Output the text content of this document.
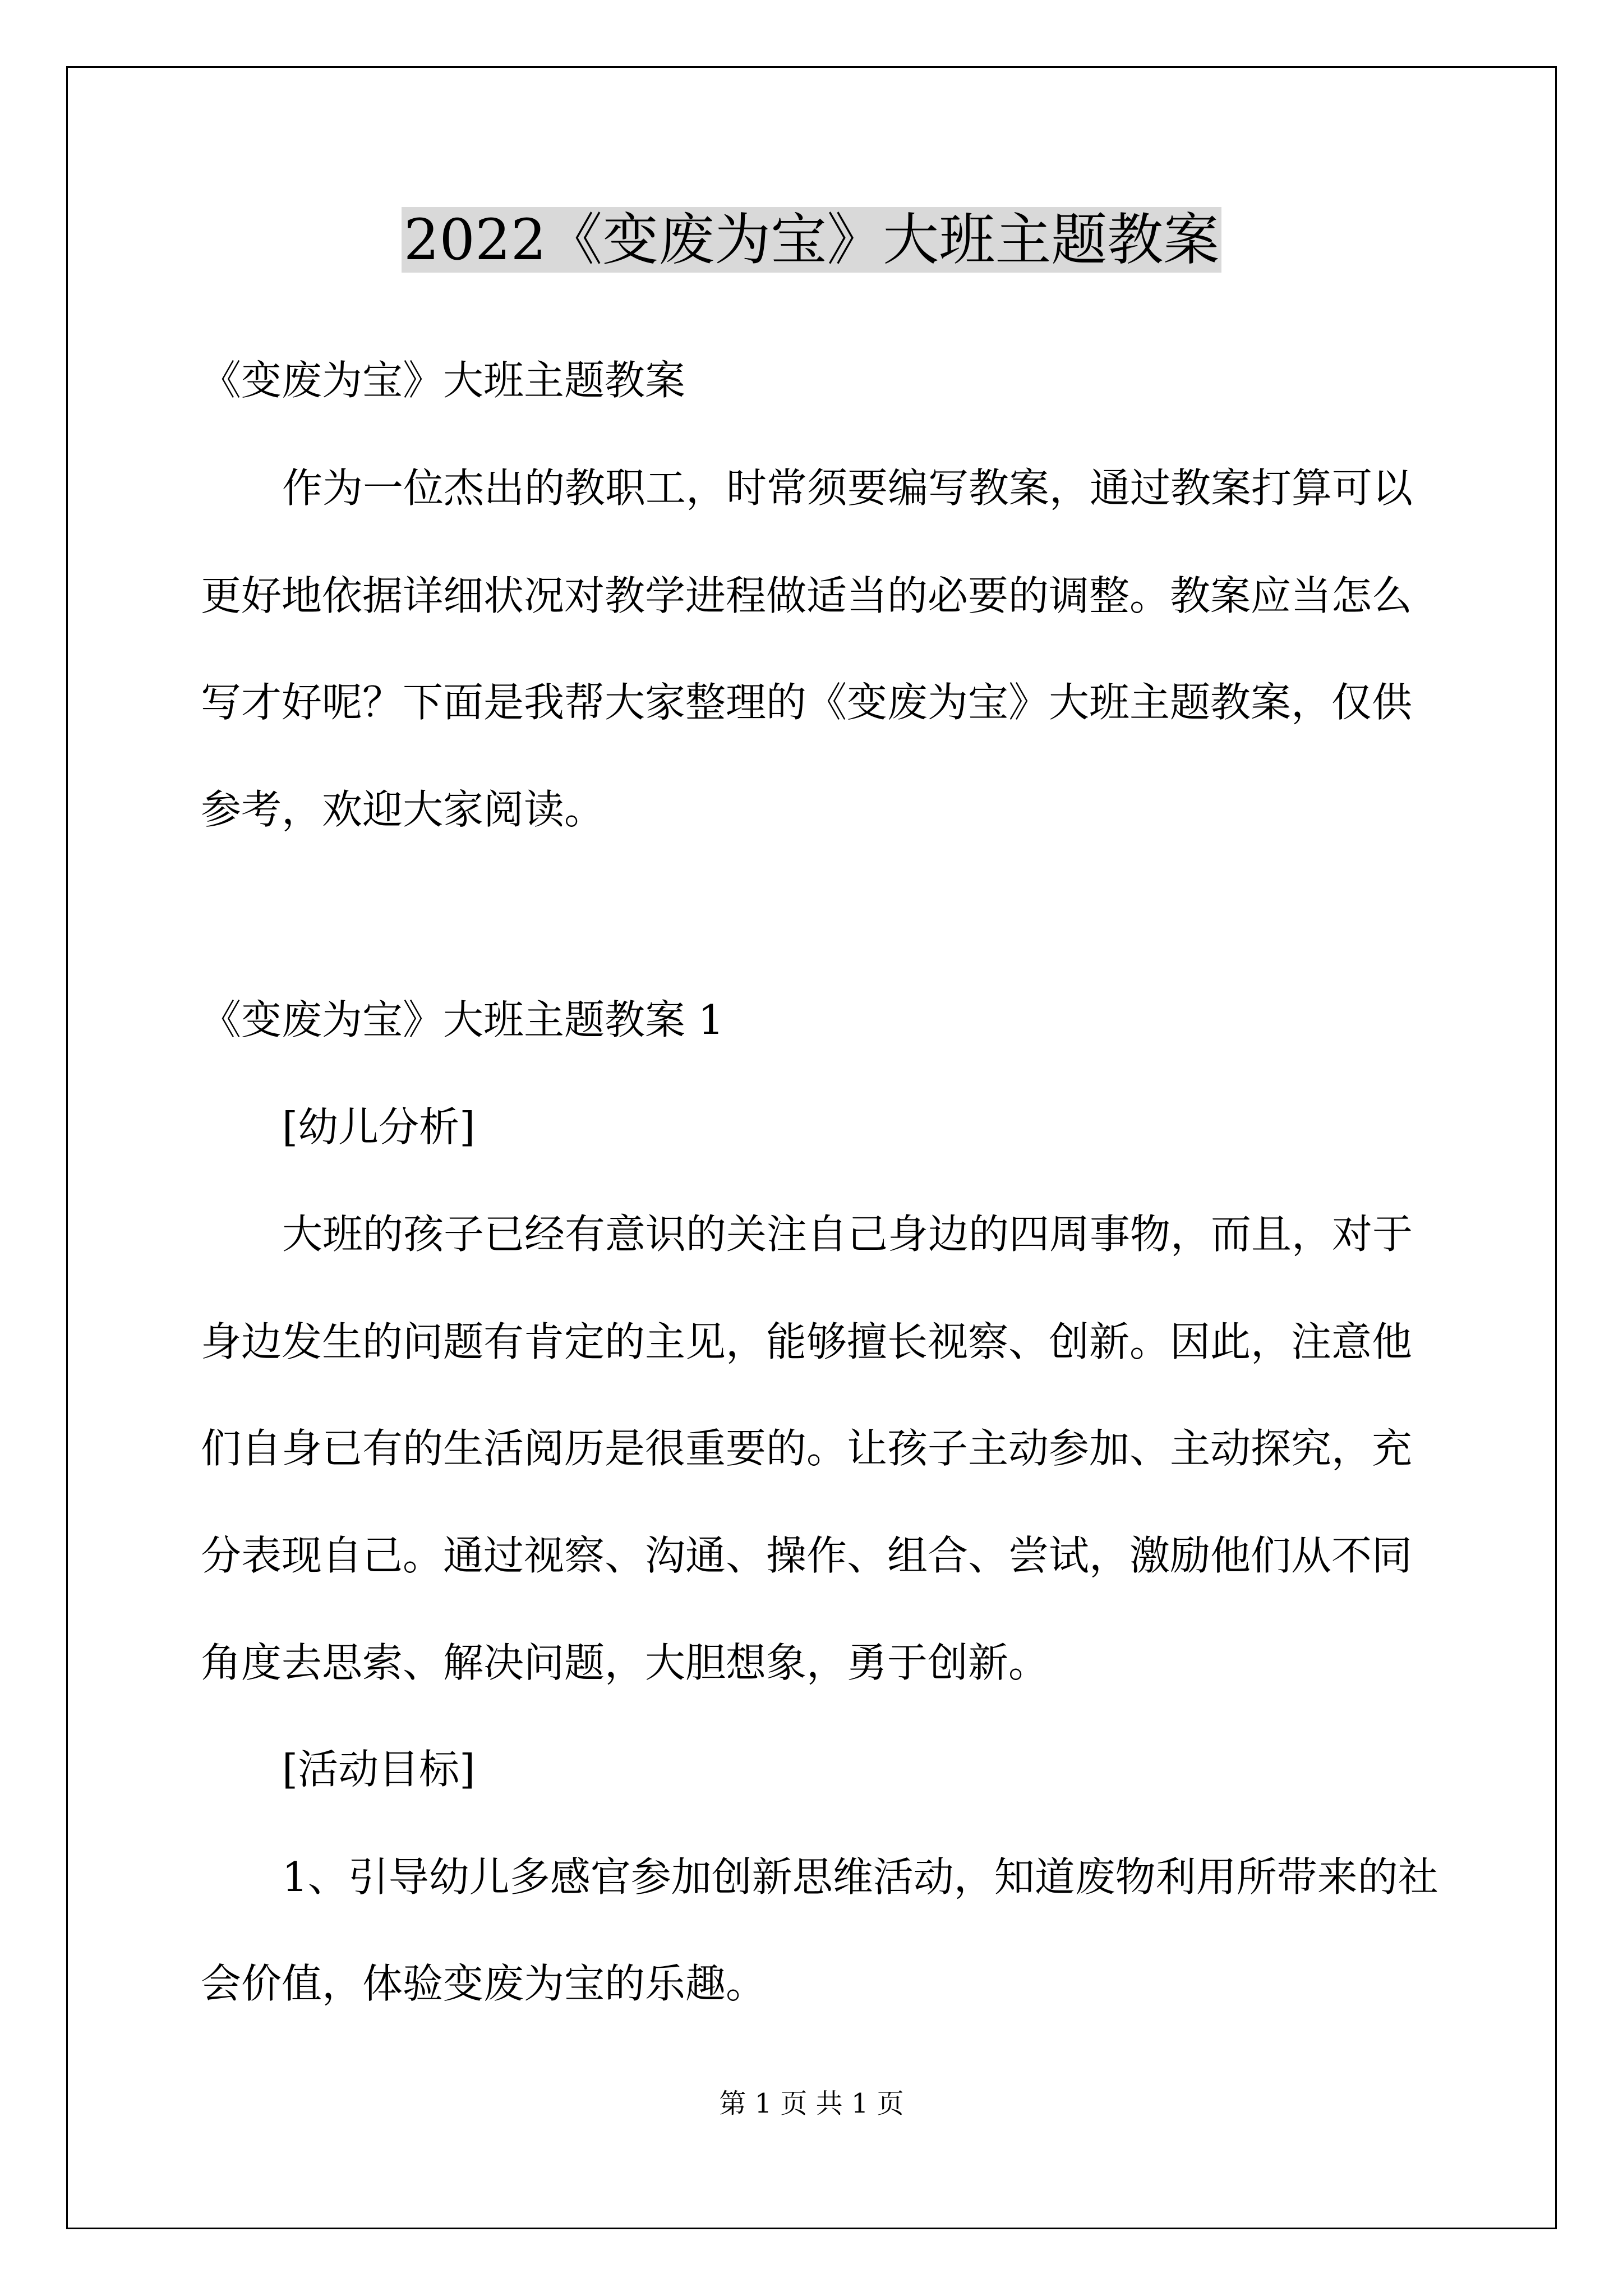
2022《变废为宝》大班主题教案

《变废为宝》大班主题教案

作为一位杰出的教职工，时常须要编写教案，通过教案打算可以

更好地依据详细状况对教学进程做适当的必要的调整。教案应当怎么

写才好呢？下面是我帮大家整理的《变废为宝》大班主题教案，仅供

参考，欢迎大家阅读。

《变废为宝》大班主题教案 1

[幼儿分析]

大班的孩子已经有意识的关注自己身边的四周事物，而且，对于

身边发生的问题有肯定的主见，能够擅长视察、创新。因此，注意他

们自身已有的生活阅历是很重要的。让孩子主动参加、主动探究，充

分表现自己。通过视察、沟通、操作、组合、尝试，激励他们从不同

角度去思索、解决问题，大胆想象，勇于创新。

[活动目标]

1、引导幼儿多感官参加创新思维活动，知道废物利用所带来的社

会价值，体验变废为宝的乐趣。

第 1 页 共 1 页
